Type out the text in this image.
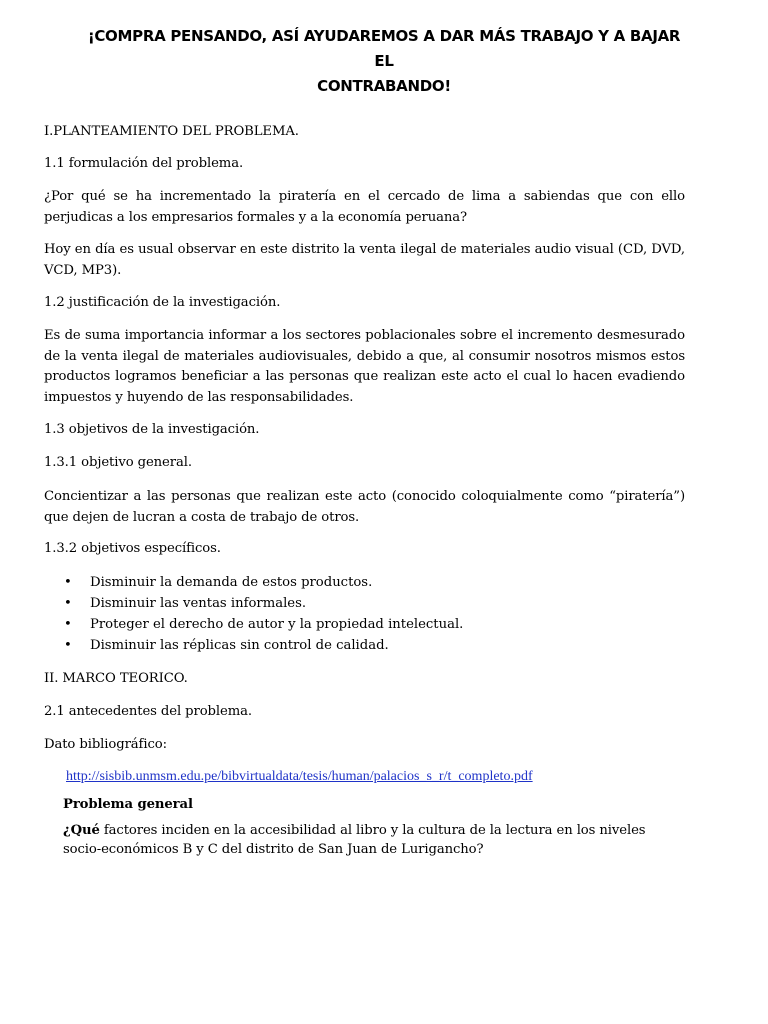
¡COMPRA PENSANDO, ASÍ AYUDAREMOS A DAR MÁS TRABAJO Y A BAJAR EL
CONTRABANDO!
I.PLANTEAMIENTO DEL PROBLEMA.
1.1 formulación del problema.
¿Por qué se ha incrementado la piratería en el cercado de lima a sabiendas que con ello perjudicas a los empresarios formales y a la economía peruana?
Hoy en día es usual observar en este distrito la venta ilegal de materiales audio visual (CD, DVD, VCD, MP3).
1.2 justificación de la investigación.
Es de suma importancia informar a los sectores poblacionales sobre el incremento desmesurado de la venta ilegal de materiales audiovisuales, debido a que, al consumir nosotros mismos estos productos logramos beneficiar a las personas que realizan este acto el cual lo hacen evadiendo impuestos y huyendo de las responsabilidades.
1.3 objetivos de la investigación.
1.3.1 objetivo general.
Concientizar a las personas que realizan este acto (conocido coloquialmente como “piratería”) que dejen de lucran a costa de trabajo de otros.
1.3.2 objetivos específicos.
• Disminuir la demanda de estos productos.
• Disminuir las ventas informales.
• Proteger el derecho de autor y la propiedad intelectual.
• Disminuir las réplicas sin control de calidad.
II. MARCO TEORICO.
2.1 antecedentes del problema.
Dato bibliográfico:
http://sisbib.unmsm.edu.pe/bibvirtualdata/tesis/human/palacios_s_r/t_completo.pdf
Problema general
¿Qué factores inciden en la accesibilidad al libro y la cultura de la lectura en los niveles socio-económicos B y C del distrito de San Juan de Lurigancho?
